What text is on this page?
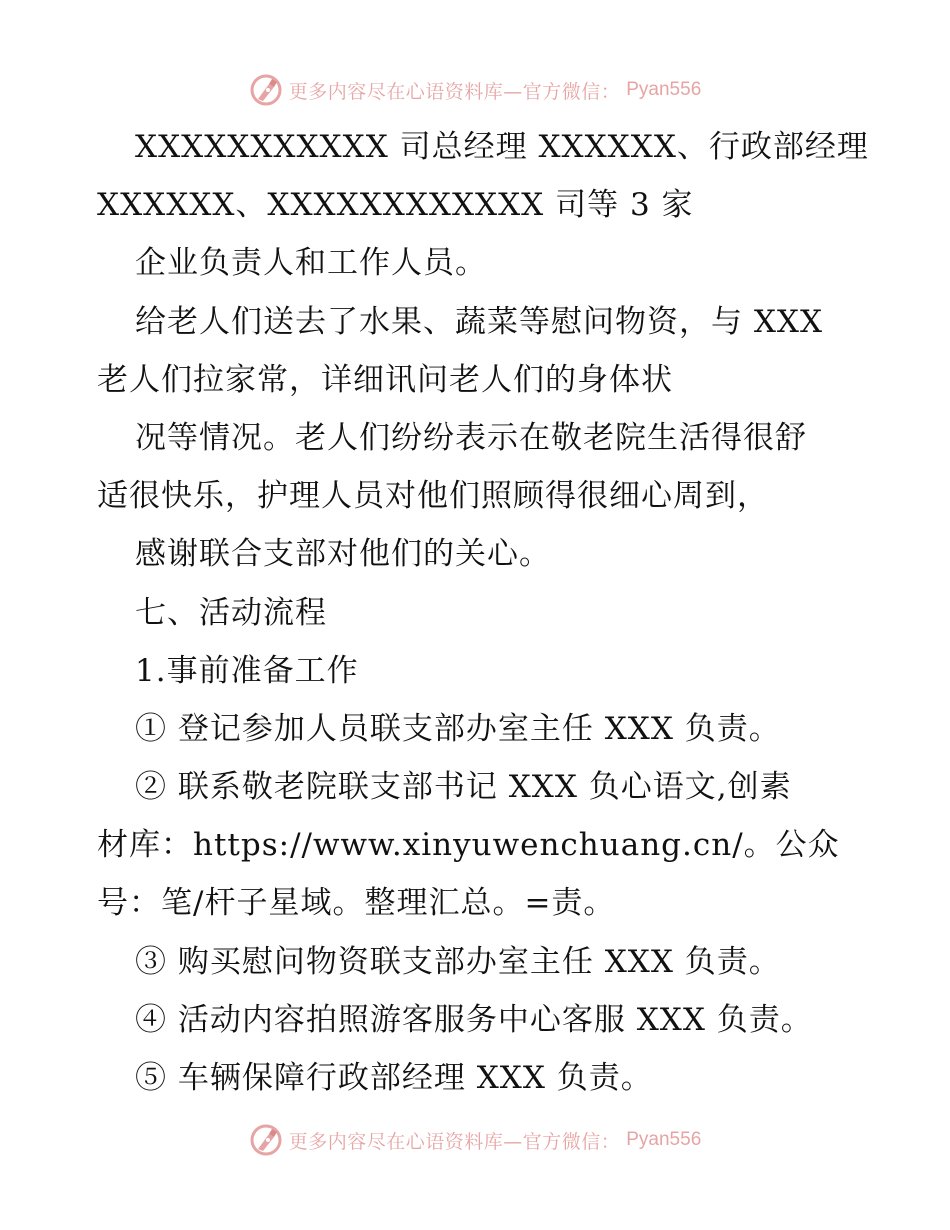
更多内容尽在心语资料库—官方微信： Pyan556
XXXXXXXXXXX 司总经理 XXXXXX、行政部经理
XXXXXX、XXXXXXXXXXXX 司等 3 家
企业负责人和工作人员。
给老人们送去了水果、蔬菜等慰问物资，与 XXX
老人们拉家常，详细讯问老人们的身体状
况等情况。老人们纷纷表示在敬老院生活得很舒
适很快乐，护理人员对他们照顾得很细心周到，
感谢联合支部对他们的关心。
七、活动流程
1.事前准备工作
① 登记参加人员联支部办室主任 XXX 负责。
② 联系敬老院联支部书记 XXX 负心语文,创素
材库：https://www.xinyuwenchuang.cn/。公众
号：笔/杆子星域。整理汇总。=责。
③ 购买慰问物资联支部办室主任 XXX 负责。
④ 活动内容拍照游客服务中心客服 XXX 负责。
⑤ 车辆保障行政部经理 XXX 负责。
更多内容尽在心语资料库—官方微信： Pyan556
